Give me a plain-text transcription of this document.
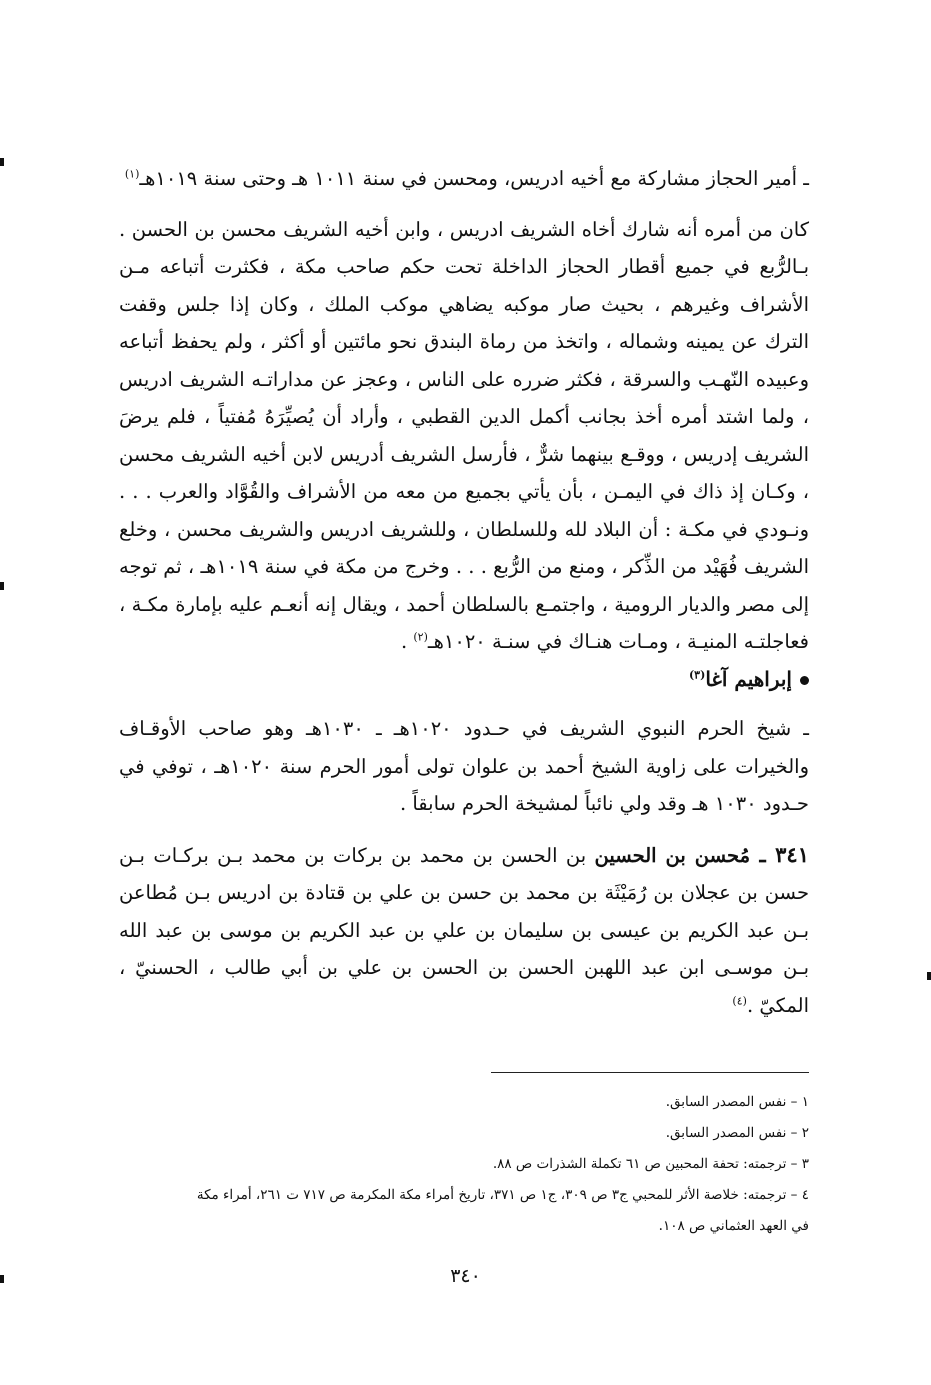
ـ أمير الحجاز مشاركة مع أخيه ادريس، ومحسن في سنة ١٠١١ هـ وحتى سنة ١٠١٩هـ$^{(١)}$

كان من أمره أنه شارك أخاه الشريف ادريس ، وابن أخيه الشريف محسن بن الحسن . بـالرُّبع في جميع أقطار الحجاز الداخلة تحت حكم صاحب مكة ، فكثرت أتباعه مـن الأشراف وغيرهم ، بحيث صار موكبه يضاهي موكب الملك ، وكان إذا جلس وقفت الترك عن يمينه وشماله ، واتخذ من رماة البندق نحو مائتين أو أكثر ، ولم يحفظ أتباعه وعبيده النّهـب والسرقة ، فكثر ضرره على الناس ، وعجز عن مداراتـه الشريف ادريس ، ولما اشتد أمره أخذ بجانب أكمل الدين القطبي ، وأراد أن يُصيِّرَهُ مُفتياً ، فلم يرضَ الشريف إدريس ، ووقـع بينهما شرٌّ ، فأرسل الشريف أدريس لابن أخيه الشريف محسن ، وكـان إذ ذاك في اليمـن ، بأن يأتي بجميع من معه من الأشراف والقُوَّاد والعرب . . . ونـودي في مكـة : أن البلاد لله وللسلطان ، وللشريف ادريس والشريف محسن ، وخلع الشريف فُهَيْد من الذِّكر ، ومنع من الرُّبع . . . وخرج من مكة في سنة ١٠١٩هـ ، ثم توجه إلى مصر والديار الرومية ، واجتمـع بالسلطان أحمد ، ويقال إنه أنعـم عليه بإمارة مكـة ، فعاجلتـه المنيـة ، ومـات هنـاك في سنـة ١٠٢٠هـ$^{(٢)}$ .

إبراهيم آغا$^{(٣)}$

ـ شيخ الحرم النبوي الشريف في حـدود ١٠٢٠هـ ـ ١٠٣٠هـ وهو صاحب الأوقـاف والخيرات على زاوية الشيخ أحمد بن علوان تولى أمور الحرم سنة ١٠٢٠هـ ، توفي في حـدود ١٠٣٠ هـ وقد ولي نائباً لمشيخة الحرم سابقاً .

٣٤١ ـ مُحسن بن الحسين بن الحسن بن محمد بن بركات بن محمد بـن بركـات بـن حسن بن عجلان بن رُمَيْثَة بن محمد بن حسن بن علي بن قتادة بن ادريس بـن مُطاعن بـن عبد الكريم بن عيسى بن سليمان بن علي بن عبد الكريم بن موسى بن عبد الله بـن موسـى ابن عبد اللهبن الحسن بن الحسن بن علي بن أبي طالب ، الحسنيّ ، المكيّ .$^{(٤)}$

١ – نفس المصدر السابق.

٢ – نفس المصدر السابق.

٣ – ترجمته: تحفة المحبين ص ٦١ تكملة الشذرات ص ٨٨.

٤ – ترجمته: خلاصة الأثر للمحبي ج٣ ص ٣٠٩، ج١ ص ٣٧١، تاريخ أمراء مكة المكرمة ص ٧١٧ ت ٢٦١، أمراء مكة

في العهد العثماني ص ١٠٨.

٣٤٠
